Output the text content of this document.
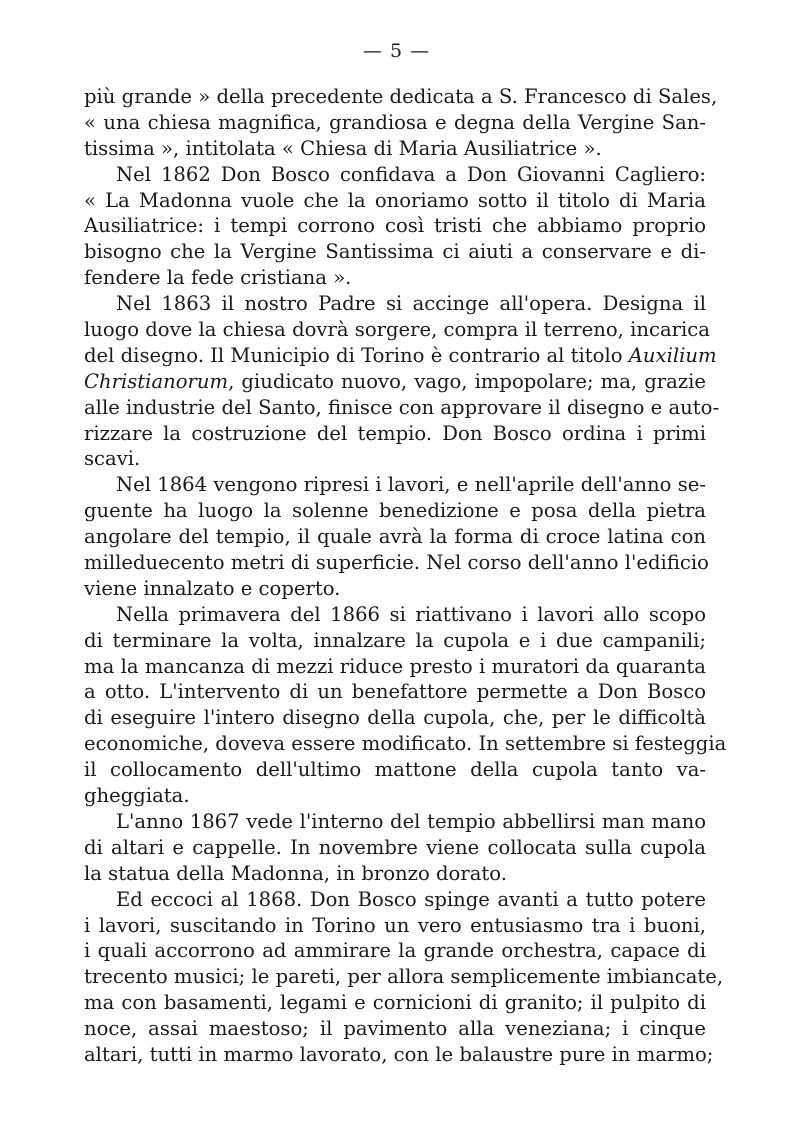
— 5 —
più grande » della precedente dedicata a S. Francesco di Sales,
« una chiesa magnifica, grandiosa e degna della Vergine San-
tissima », intitolata « Chiesa di Maria Ausiliatrice ».
Nel 1862 Don Bosco confidava a Don Giovanni Cagliero:
« La Madonna vuole che la onoriamo sotto il titolo di Maria
Ausiliatrice: i tempi corrono così tristi che abbiamo proprio
bisogno che la Vergine Santissima ci aiuti a conservare e di-
fendere la fede cristiana ».
Nel 1863 il nostro Padre si accinge all'opera. Designa il
luogo dove la chiesa dovrà sorgere, compra il terreno, incarica
del disegno. Il Municipio di Torino è contrario al titolo Auxilium
Christianorum, giudicato nuovo, vago, impopolare; ma, grazie
alle industrie del Santo, finisce con approvare il disegno e auto-
rizzare la costruzione del tempio. Don Bosco ordina i primi
scavi.
Nel 1864 vengono ripresi i lavori, e nell'aprile dell'anno se-
guente ha luogo la solenne benedizione e posa della pietra
angolare del tempio, il quale avrà la forma di croce latina con
milleduecento metri di superficie. Nel corso dell'anno l'edificio
viene innalzato e coperto.
Nella primavera del 1866 si riattivano i lavori allo scopo
di terminare la volta, innalzare la cupola e i due campanili;
ma la mancanza di mezzi riduce presto i muratori da quaranta
a otto. L'intervento di un benefattore permette a Don Bosco
di eseguire l'intero disegno della cupola, che, per le difficoltà
economiche, doveva essere modificato. In settembre si festeggia
il collocamento dell'ultimo mattone della cupola tanto va-
gheggiata.
L'anno 1867 vede l'interno del tempio abbellirsi man mano
di altari e cappelle. In novembre viene collocata sulla cupola
la statua della Madonna, in bronzo dorato.
Ed eccoci al 1868. Don Bosco spinge avanti a tutto potere
i lavori, suscitando in Torino un vero entusiasmo tra i buoni,
i quali accorrono ad ammirare la grande orchestra, capace di
trecento musici; le pareti, per allora semplicemente imbiancate,
ma con basamenti, legami e cornicioni di granito; il pulpito di
noce, assai maestoso; il pavimento alla veneziana; i cinque
altari, tutti in marmo lavorato, con le balaustre pure in marmo;
